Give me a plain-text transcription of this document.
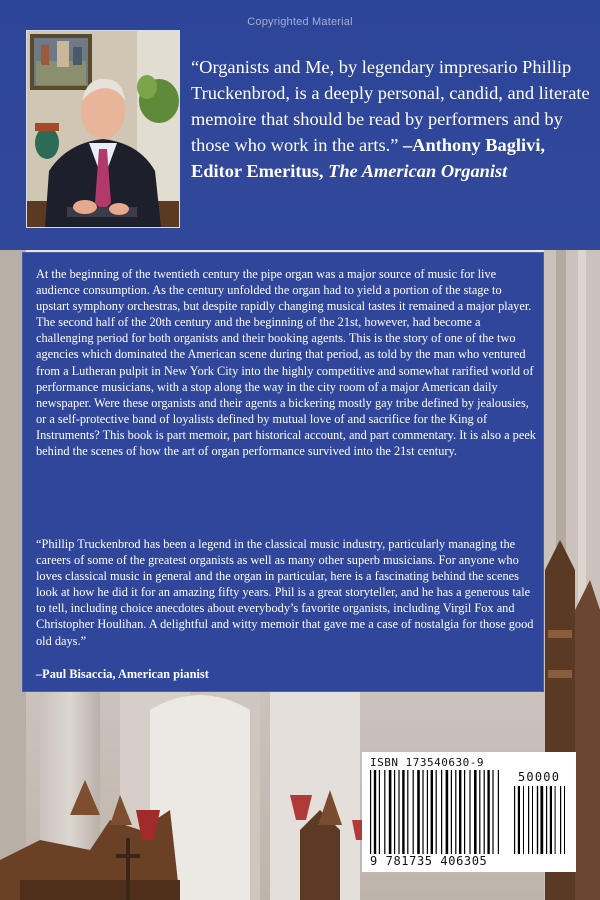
Copyrighted Material

“Organists and Me, by legendary impresario Phillip Truckenbrod, is a deeply personal, candid, and literate memoire that should be read by performers and by those who work in the arts.” –Anthony Baglivi, Editor Emeritus, The American Organist

At the beginning of the twentieth century the pipe organ was a major source of music for live audience consumption. As the century unfolded the organ had to yield a portion of the stage to upstart symphony orchestras, but despite rapidly changing musical tastes it remained a major player. The second half of the 20th century and the beginning of the 21st, however, had become a challenging period for both organists and their booking agents. This is the story of one of the two agencies which dominated the American scene during that period, as told by the man who ventured from a Lutheran pulpit in New York City into the highly competitive and somewhat rarified world of performance musicians, with a stop along the way in the city room of a major American daily newspaper. Were these organists and their agents a bickering mostly gay tribe defined by jealousies, or a self-protective band of loyalists defined by mutual love of and sacrifice for the King of Instruments? This book is part memoir, part historical account, and part commentary. It is also a peek behind the scenes of how the art of organ performance survived into the 21st century.

“Phillip Truckenbrod has been a legend in the classical music industry, particularly managing the careers of some of the greatest organists as well as many other superb musicians. For anyone who loves classical music in general and the organ in particular, here is a fascinating behind the scenes look at how he did it for an amazing fifty years. Phil is a great storyteller, and he has a generous tale to tell, including choice anecdotes about everybody’s favorite organists, including Virgil Fox and Christopher Houlihan. A delightful and witty memoir that gave me a case of nostalgia for those good old days.”

–Paul Bisaccia, American pianist
ISBN 173540630-9
50000
9 781735 406305
